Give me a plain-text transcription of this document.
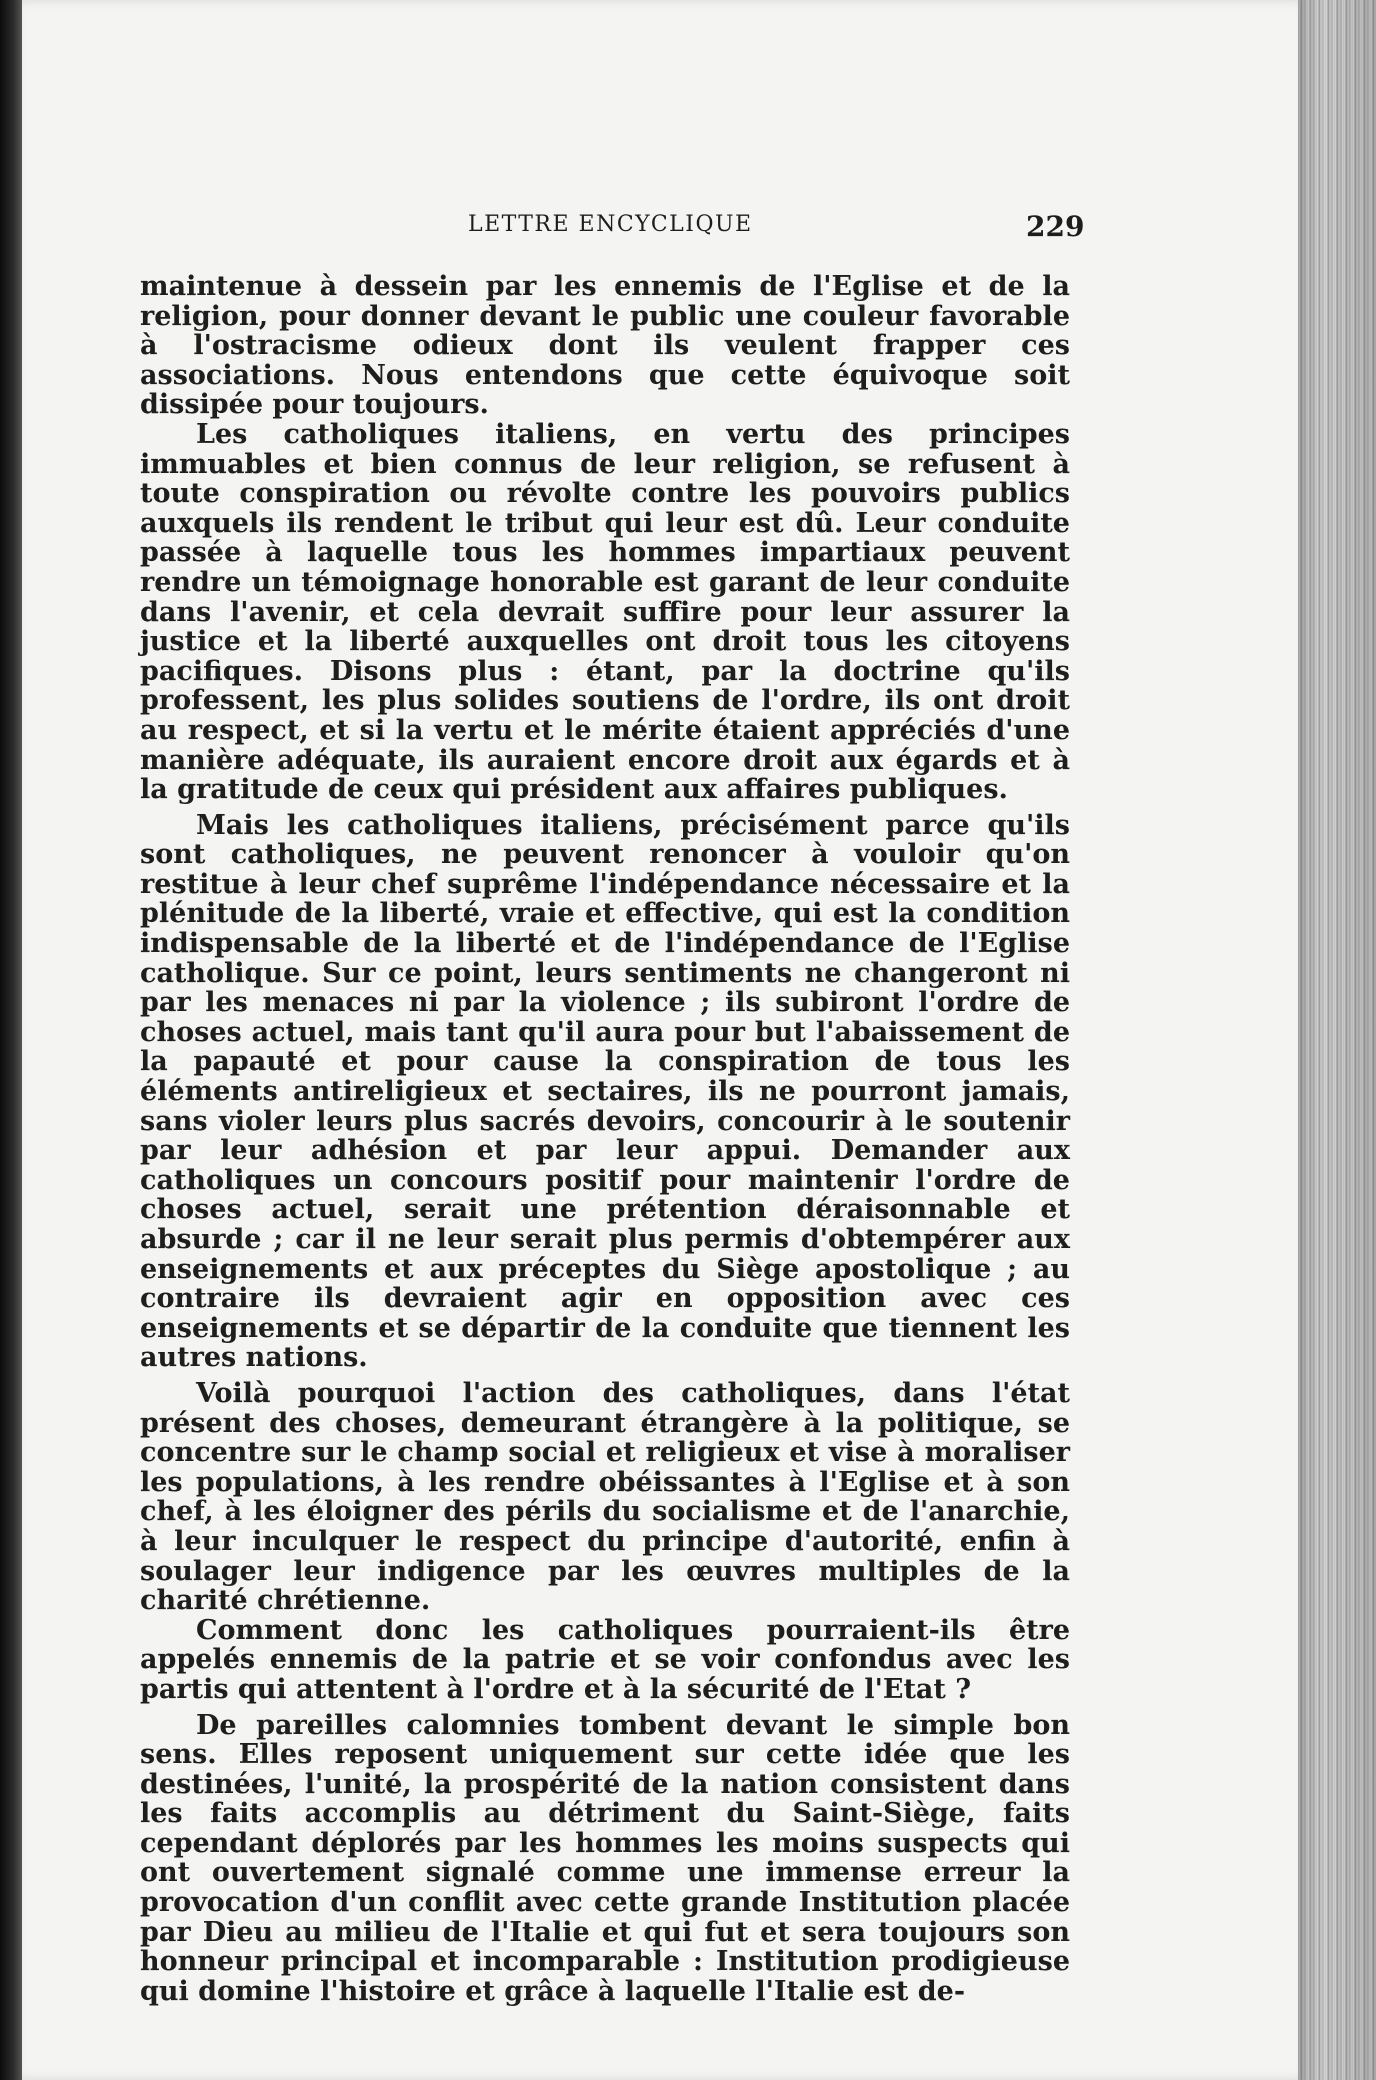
LETTRE ENCYCLIQUE	229

maintenue à dessein par les ennemis de l'Eglise et de la religion, pour donner devant le public une couleur favorable à l'ostracisme odieux dont ils veulent frapper ces associations. Nous entendons que cette équivoque soit dissipée pour toujours.

Les catholiques italiens, en vertu des principes immuables et bien connus de leur religion, se refusent à toute conspiration ou révolte contre les pouvoirs publics auxquels ils rendent le tribut qui leur est dû. Leur conduite passée à laquelle tous les hommes impartiaux peuvent rendre un témoignage honorable est garant de leur conduite dans l'avenir, et cela devrait suffire pour leur assurer la justice et la liberté auxquelles ont droit tous les citoyens pacifiques. Disons plus : étant, par la doctrine qu'ils professent, les plus solides soutiens de l'ordre, ils ont droit au respect, et si la vertu et le mérite étaient appréciés d'une manière adéquate, ils auraient encore droit aux égards et à la gratitude de ceux qui président aux affaires publiques.

Mais les catholiques italiens, précisément parce qu'ils sont catholiques, ne peuvent renoncer à vouloir qu'on restitue à leur chef suprême l'indépendance nécessaire et la plénitude de la liberté, vraie et effective, qui est la condition indispensable de la liberté et de l'indépendance de l'Eglise catholique. Sur ce point, leurs sentiments ne changeront ni par les menaces ni par la violence ; ils subiront l'ordre de choses actuel, mais tant qu'il aura pour but l'abaissement de la papauté et pour cause la conspiration de tous les éléments antireligieux et sectaires, ils ne pourront jamais, sans violer leurs plus sacrés devoirs, concourir à le soutenir par leur adhésion et par leur appui. Demander aux catholiques un concours positif pour maintenir l'ordre de choses actuel, serait une prétention déraisonnable et absurde ; car il ne leur serait plus permis d'obtempérer aux enseignements et aux préceptes du Siège apostolique ; au contraire ils devraient agir en opposition avec ces enseignements et se départir de la conduite que tiennent les autres nations.

Voilà pourquoi l'action des catholiques, dans l'état présent des choses, demeurant étrangère à la politique, se concentre sur le champ social et religieux et vise à moraliser les populations, à les rendre obéissantes à l'Eglise et à son chef, à les éloigner des périls du socialisme et de l'anarchie, à leur inculquer le respect du principe d'autorité, enfin à soulager leur indigence par les œuvres multiples de la charité chrétienne.

Comment donc les catholiques pourraient-ils être appelés ennemis de la patrie et se voir confondus avec les partis qui attentent à l'ordre et à la sécurité de l'Etat ?

De pareilles calomnies tombent devant le simple bon sens. Elles reposent uniquement sur cette idée que les destinées, l'unité, la prospérité de la nation consistent dans les faits accomplis au détriment du Saint-Siège, faits cependant déplorés par les hommes les moins suspects qui ont ouvertement signalé comme une immense erreur la provocation d'un conflit avec cette grande Institution placée par Dieu au milieu de l'Italie et qui fut et sera toujours son honneur principal et incomparable : Institution prodigieuse qui domine l'histoire et grâce à laquelle l'Italie est de-
